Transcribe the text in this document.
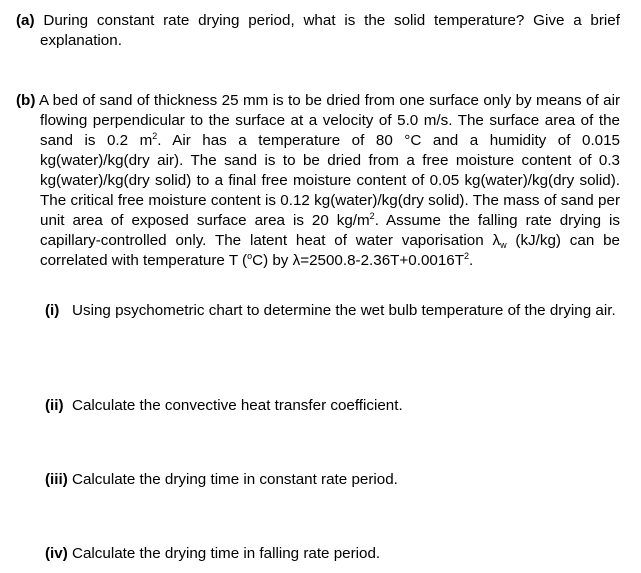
(a) During constant rate drying period, what is the solid temperature? Give a brief explanation.
(b) A bed of sand of thickness 25 mm is to be dried from one surface only by means of air flowing perpendicular to the surface at a velocity of 5.0 m/s. The surface area of the sand is 0.2 $m^2$. Air has a temperature of 80 °C and a humidity of 0.015 kg(water)/kg(dry air). The sand is to be dried from a free moisture content of 0.3 kg(water)/kg(dry solid) to a final free moisture content of 0.05 kg(water)/kg(dry solid). The critical free moisture content is 0.12 kg(water)/kg(dry solid). The mass of sand per unit area of exposed surface area is 20 $kg/m^2$. Assume the falling rate drying is capillary-controlled only. The latent heat of water vaporisation $\lambda_w$ (kJ/kg) can be correlated with temperature T ($^o$C) by $\lambda=2500.8-2.36T+0.0016T^2$.
(i) Using psychometric chart to determine the wet bulb temperature of the drying air.
(ii) Calculate the convective heat transfer coefficient.
(iii) Calculate the drying time in constant rate period.
(iv) Calculate the drying time in falling rate period.
